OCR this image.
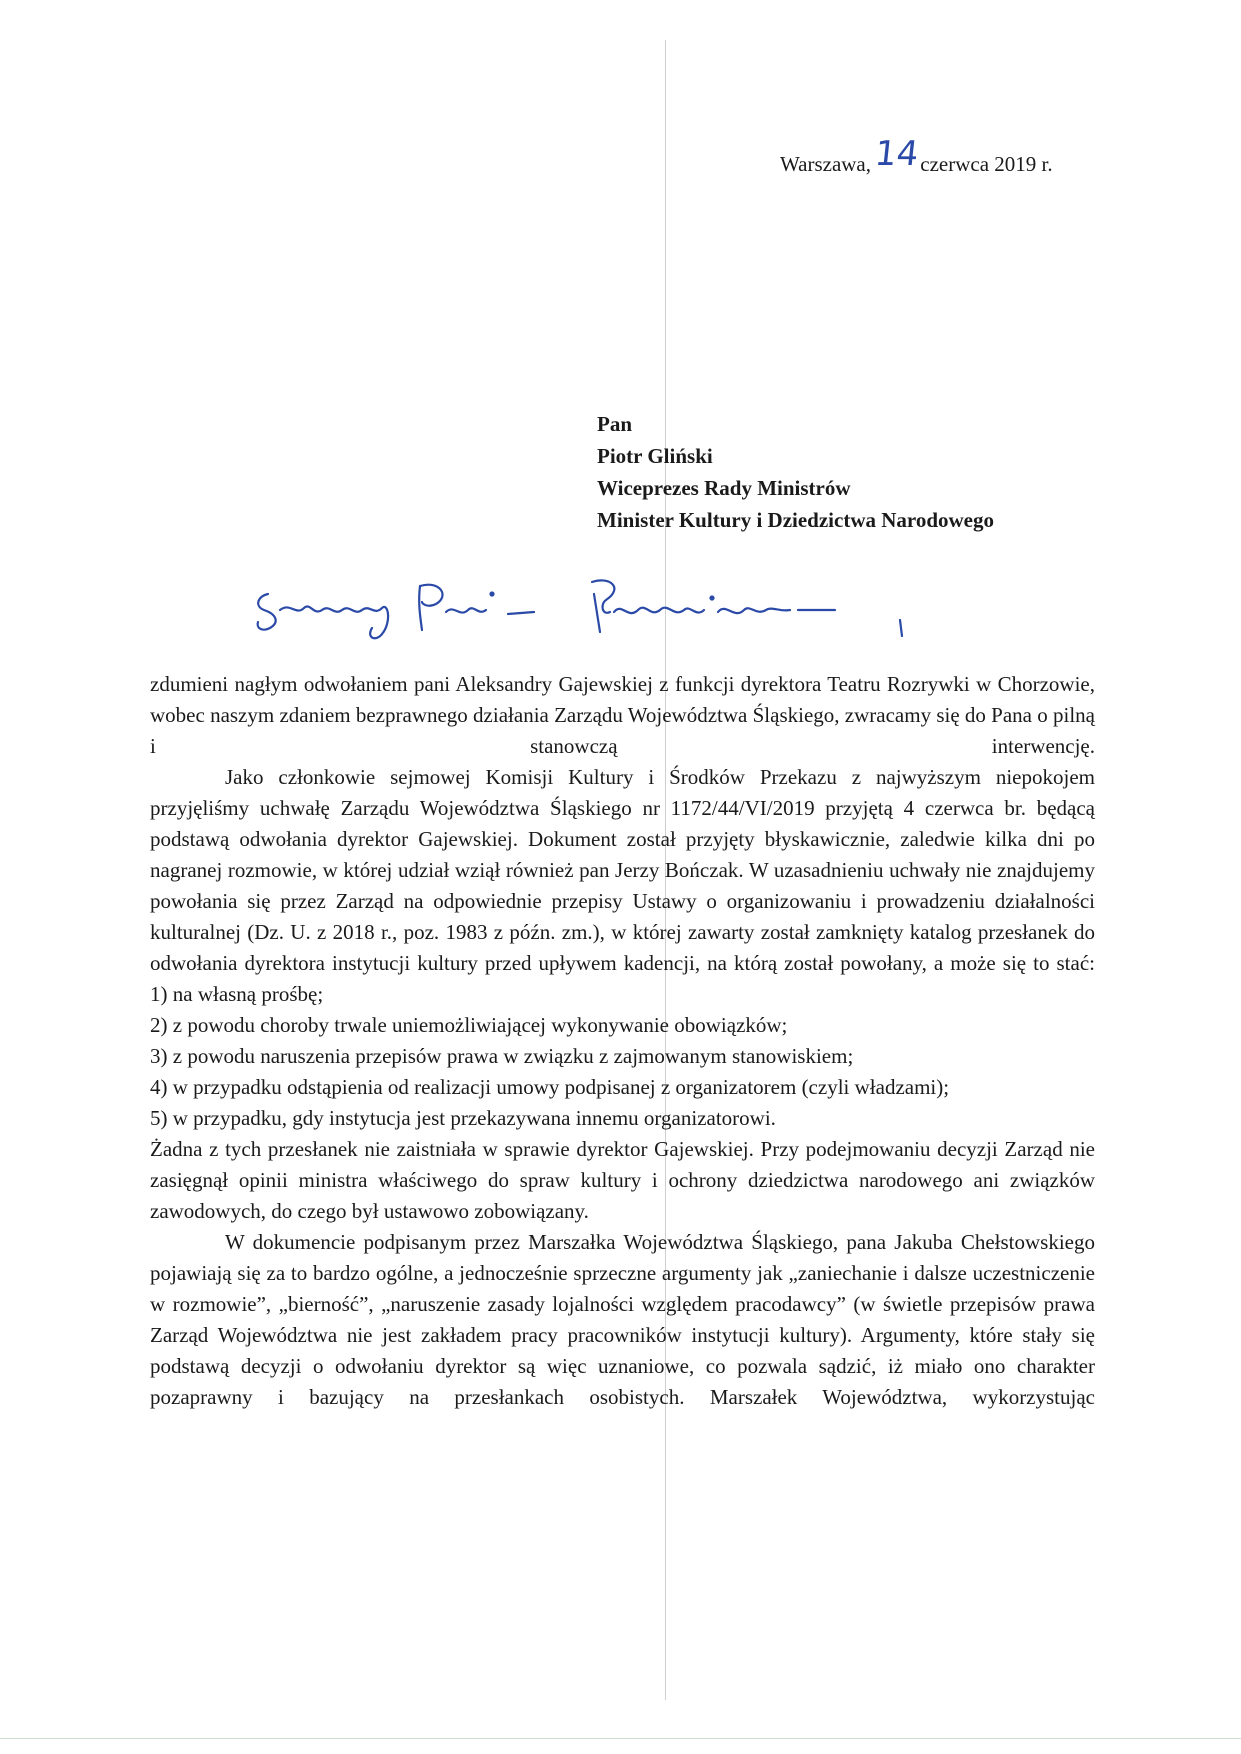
Warszawa,14czerwca 2019 r.
Pan
Piotr Gliński
Wiceprezes Rady Ministrów
Minister Kultury i Dziedzictwa Narodowego

zdumieni nagłym odwołaniem pani Aleksandry Gajewskiej z funkcji dyrektora Teatru Rozrywki w Chorzowie, wobec naszym zdaniem bezprawnego działania Zarządu Województwa Śląskiego, zwracamy się do Pana o pilną i stanowczą interwencję.

Jako członkowie sejmowej Komisji Kultury i Środków Przekazu z najwyższym niepokojem przyjęliśmy uchwałę Zarządu Województwa Śląskiego nr 1172/44/VI/2019 przyjętą 4 czerwca br. będącą podstawą odwołania dyrektor Gajewskiej. Dokument został przyjęty błyskawicznie, zaledwie kilka dni po nagranej rozmowie, w której udział wziął również pan Jerzy Bończak. W uzasadnieniu uchwały nie znajdujemy powołania się przez Zarząd na odpowiednie przepisy Ustawy o organizowaniu i prowadzeniu działalności kulturalnej (Dz. U. z 2018 r., poz. 1983 z późn. zm.), w której zawarty został zamknięty katalog przesłanek do odwołania dyrektora instytucji kultury przed upływem kadencji, na którą został powołany, a może się to stać:

1) na własną prośbę;
2) z powodu choroby trwale uniemożliwiającej wykonywanie obowiązków;
3) z powodu naruszenia przepisów prawa w związku z zajmowanym stanowiskiem;
4) w przypadku odstąpienia od realizacji umowy podpisanej z organizatorem (czyli władzami);
5) w przypadku, gdy instytucja jest przekazywana innemu organizatorowi.

Żadna z tych przesłanek nie zaistniała w sprawie dyrektor Gajewskiej. Przy podejmowaniu decyzji Zarząd nie zasięgnął opinii ministra właściwego do spraw kultury i ochrony dziedzictwa narodowego ani związków zawodowych, do czego był ustawowo zobowiązany.

W dokumencie podpisanym przez Marszałka Województwa Śląskiego, pana Jakuba Chełstowskiego pojawiają się za to bardzo ogólne, a jednocześnie sprzeczne argumenty jak „zaniechanie i dalsze uczestniczenie w rozmowie”, „bierność”, „naruszenie zasady lojalności względem pracodawcy” (w świetle przepisów prawa Zarząd Województwa nie jest zakładem pracy pracowników instytucji kultury). Argumenty, które stały się podstawą decyzji o odwołaniu dyrektor są więc uznaniowe, co pozwala sądzić, iż miało ono charakter pozaprawny i bazujący na przesłankach osobistych. Marszałek Województwa, wykorzystując
